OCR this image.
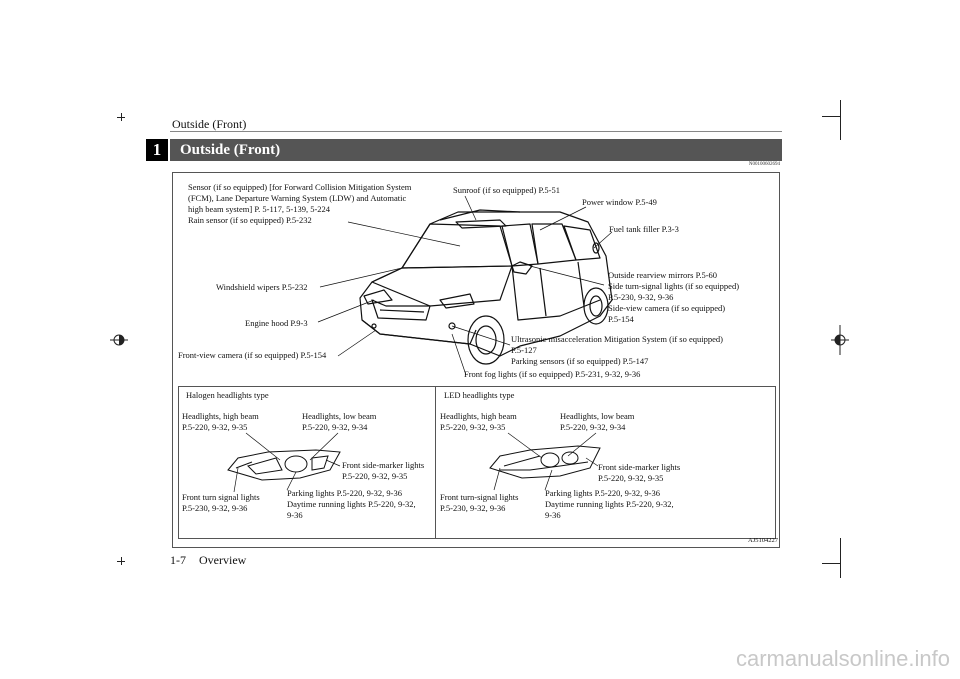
Outside (Front)
1	Outside (Front)
N00100602694
Sensor (if so equipped) [for Forward Collision Mitigation System
(FCM), Lane Departure Warning System (LDW) and Automatic
high beam system] P. 5-117, 5-139, 5-224
Rain sensor (if so equipped) P.5-232
Sunroof (if so equipped) P.5-51
Power window P.5-49
Fuel tank filler P.3-3
Outside rearview mirrors P.5-60
Side turn-signal lights (if so equipped)
P.5-230, 9-32, 9-36
Side-view camera (if so equipped)
P.5-154
Windshield wipers P.5-232
Engine hood P.9-3
Front-view camera (if so equipped) P.5-154
Ultrasonic misacceleration Mitigation System (if so equipped)
P.5-127
Parking sensors (if so equipped) P.5-147
Front fog lights (if so equipped) P.5-231, 9-32, 9-36
Halogen headlights type
Headlights, high beam
P.5-220, 9-32, 9-35
Headlights, low beam
P.5-220, 9-32, 9-34
Front side-marker lights
P.5-220, 9-32, 9-35
Front turn signal lights
P.5-230, 9-32, 9-36
Parking lights P.5-220, 9-32, 9-36
Daytime running lights P.5-220, 9-32,
9-36
LED headlights type
Headlights, high beam
P.5-220, 9-32, 9-35
Headlights, low beam
P.5-220, 9-32, 9-34
Front side-marker lights
P.5-220, 9-32, 9-35
Front turn-signal lights
P.5-230, 9-32, 9-36
Parking lights P.5-220, 9-32, 9-36
Daytime running lights P.5-220, 9-32,
9-36
AJ5104227
1-7 Overview
carmanualsonline.info
